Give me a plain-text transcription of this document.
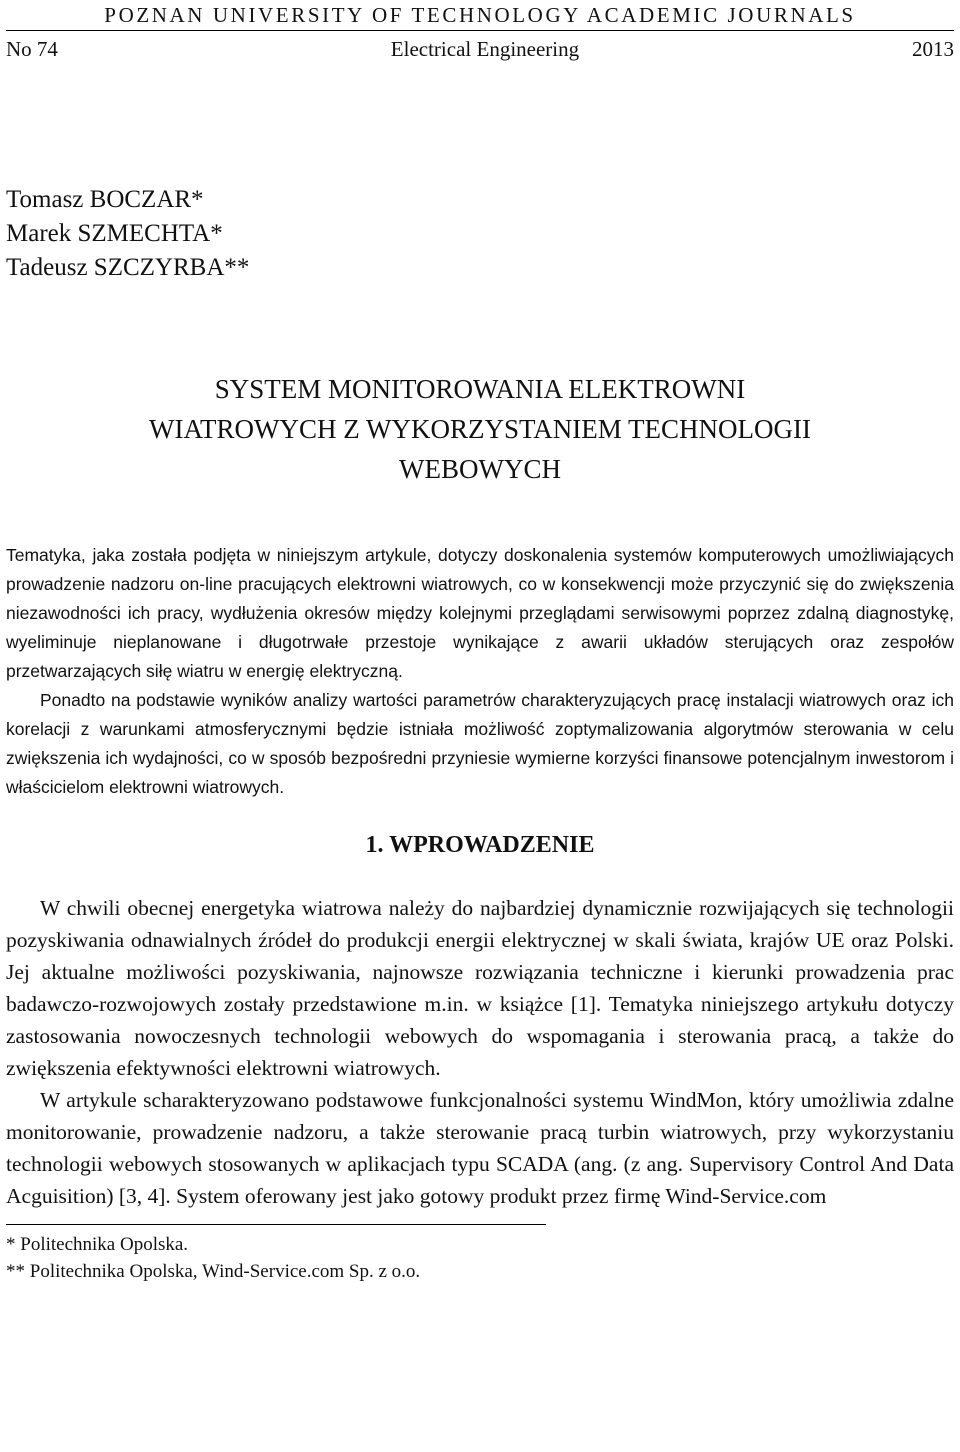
POZNAN UNIVERSITY OF TECHNOLOGY ACADEMIC JOURNALS
No 74	Electrical Engineering	2013
Tomasz BOCZAR*
Marek SZMECHTA*
Tadeusz SZCZYRBA**
SYSTEM MONITOROWANIA ELEKTROWNI
WIATROWYCH Z WYKORZYSTANIEM TECHNOLOGII
WEBOWYCH

Tematyka, jaka została podjęta w niniejszym artykule, dotyczy doskonalenia systemów komputerowych umożliwiających prowadzenie nadzoru on-line pracujących elektrowni wiatrowych, co w konsekwencji może przyczynić się do zwiększenia niezawodności ich pracy, wydłużenia okresów między kolejnymi przeglądami serwisowymi poprzez zdalną diagnostykę, wyeliminuje nieplanowane i długotrwałe przestoje wynikające z awarii układów sterujących oraz zespołów przetwarzających siłę wiatru w energię elektryczną.

Ponadto na podstawie wyników analizy wartości parametrów charakteryzujących pracę instalacji wiatrowych oraz ich korelacji z warunkami atmosferycznymi będzie istniała możliwość zoptymalizowania algorytmów sterowania w celu zwiększenia ich wydajności, co w sposób bezpośredni przyniesie wymierne korzyści finansowe potencjalnym inwestorom i właścicielom elektrowni wiatrowych.

1. WPROWADZENIE

W chwili obecnej energetyka wiatrowa należy do najbardziej dynamicznie rozwijających się technologii pozyskiwania odnawialnych źródeł do produkcji energii elektrycznej w skali świata, krajów UE oraz Polski. Jej aktualne możliwości pozyskiwania, najnowsze rozwiązania techniczne i kierunki prowadzenia prac badawczo-rozwojowych zostały przedstawione m.in. w książce [1]. Tematyka niniejszego artykułu dotyczy zastosowania nowoczesnych technologii webowych do wspomagania i sterowania pracą, a także do zwiększenia efektywności elektrowni wiatrowych.

W artykule scharakteryzowano podstawowe funkcjonalności systemu WindMon, który umożliwia zdalne monitorowanie, prowadzenie nadzoru, a także sterowanie pracą turbin wiatrowych, przy wykorzystaniu technologii webowych stosowanych w aplikacjach typu SCADA (ang. (z ang. Supervisory Control And Data Acguisition) [3, 4]. System oferowany jest jako gotowy produkt przez firmę Wind-Service.com

* Politechnika Opolska.
** Politechnika Opolska, Wind-Service.com Sp. z o.o.
